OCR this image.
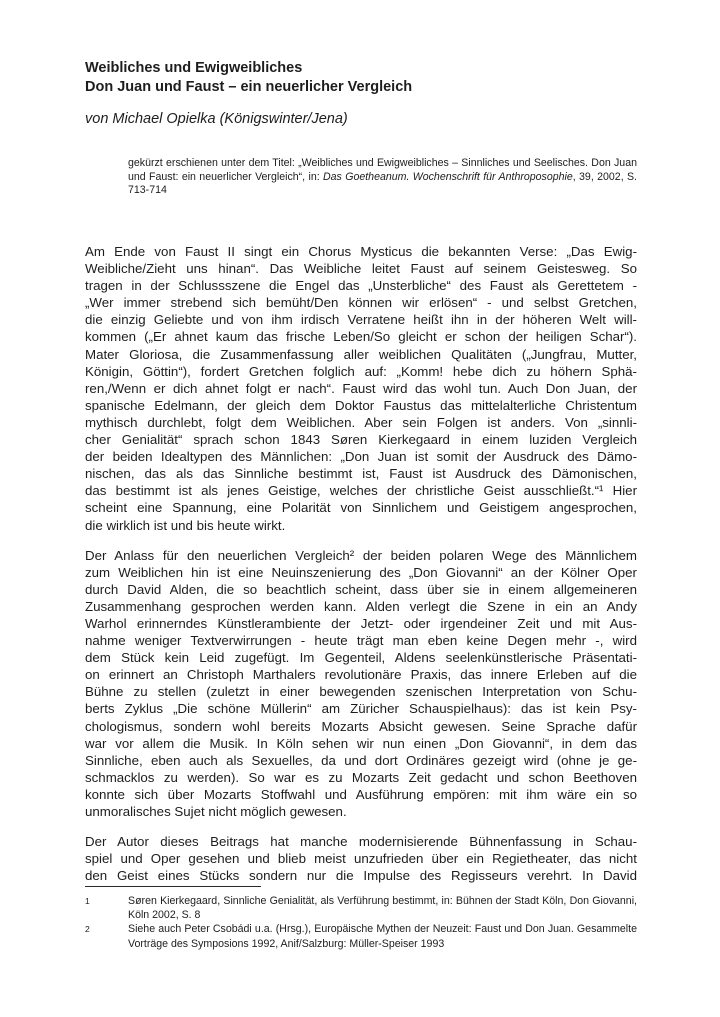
Weibliches und Ewigweibliches
Don Juan und Faust – ein neuerlicher Vergleich
von Michael Opielka (Königswinter/Jena)
gekürzt erschienen unter dem Titel: „Weibliches und Ewigweibliches – Sinnliches und Seelisches. Don Juan und Faust: ein neuerlicher Vergleich“, in: Das Goetheanum. Wochenschrift für Anthroposophie, 39, 2002, S. 713-714
Am Ende von Faust II singt ein Chorus Mysticus die bekannten Verse: „Das Ewig-
Weibliche/Zieht uns hinan“. Das Weibliche leitet Faust auf seinem Geistesweg. So
tragen in der Schlussszene die Engel das „Unsterbliche“ des Faust als Gerettetem -
„Wer immer strebend sich bemüht/Den können wir erlösen“ - und selbst Gretchen,
die einzig Geliebte und von ihm irdisch Verratene heißt ihn in der höheren Welt will-
kommen („Er ahnet kaum das frische Leben/So gleicht er schon der heiligen Schar“).
Mater Gloriosa, die Zusammenfassung aller weiblichen Qualitäten („Jungfrau, Mutter,
Königin, Göttin“), fordert Gretchen folglich auf: „Komm! hebe dich zu höhern Sphä-
ren,/Wenn er dich ahnet folgt er nach“. Faust wird das wohl tun. Auch Don Juan, der
spanische Edelmann, der gleich dem Doktor Faustus das mittelalterliche Christentum
mythisch durchlebt, folgt dem Weiblichen. Aber sein Folgen ist anders. Von „sinnli-
cher Genialität“ sprach schon 1843 Søren Kierkegaard in einem luziden Vergleich
der beiden Idealtypen des Männlichen: „Don Juan ist somit der Ausdruck des Dämo-
nischen, das als das Sinnliche bestimmt ist, Faust ist Ausdruck des Dämonischen,
das bestimmt ist als jenes Geistige, welches der christliche Geist ausschließt.“¹ Hier
scheint eine Spannung, eine Polarität von Sinnlichem und Geistigem angesprochen,
die wirklich ist und bis heute wirkt.
Der Anlass für den neuerlichen Vergleich² der beiden polaren Wege des Männlichem
zum Weiblichen hin ist eine Neuinszenierung des „Don Giovanni“ an der Kölner Oper
durch David Alden, die so beachtlich scheint, dass über sie in einem allgemeineren
Zusammenhang gesprochen werden kann. Alden verlegt die Szene in ein an Andy
Warhol erinnerndes Künstlerambiente der Jetzt- oder irgendeiner Zeit und mit Aus-
nahme weniger Textverwirrungen - heute trägt man eben keine Degen mehr -, wird
dem Stück kein Leid zugefügt. Im Gegenteil, Aldens seelenkünstlerische Präsentati-
on erinnert an Christoph Marthalers revolutionäre Praxis, das innere Erleben auf die
Bühne zu stellen (zuletzt in einer bewegenden szenischen Interpretation von Schu-
berts Zyklus „Die schöne Müllerin“ am Züricher Schauspielhaus): das ist kein Psy-
chologismus, sondern wohl bereits Mozarts Absicht gewesen. Seine Sprache dafür
war vor allem die Musik. In Köln sehen wir nun einen „Don Giovanni“, in dem das
Sinnliche, eben auch als Sexuelles, da und dort Ordinäres gezeigt wird (ohne je ge-
schmacklos zu werden). So war es zu Mozarts Zeit gedacht und schon Beethoven
konnte sich über Mozarts Stoffwahl und Ausführung empören: mit ihm wäre ein so
unmoralisches Sujet nicht möglich gewesen.
Der Autor dieses Beitrags hat manche modernisierende Bühnenfassung in Schau-
spiel und Oper gesehen und blieb meist unzufrieden über ein Regietheater, das nicht
den Geist eines Stücks sondern nur die Impulse des Regisseurs verehrt. In David
1	Søren Kierkegaard, Sinnliche Genialität, als Verführung bestimmt, in: Bühnen der Stadt Köln, Don Giovanni, Köln 2002, S. 8
2	Siehe auch Peter Csobádi u.a. (Hrsg.), Europäische Mythen der Neuzeit: Faust und Don Juan. Gesammelte Vorträge des Symposions 1992, Anif/Salzburg: Müller-Speiser 1993
